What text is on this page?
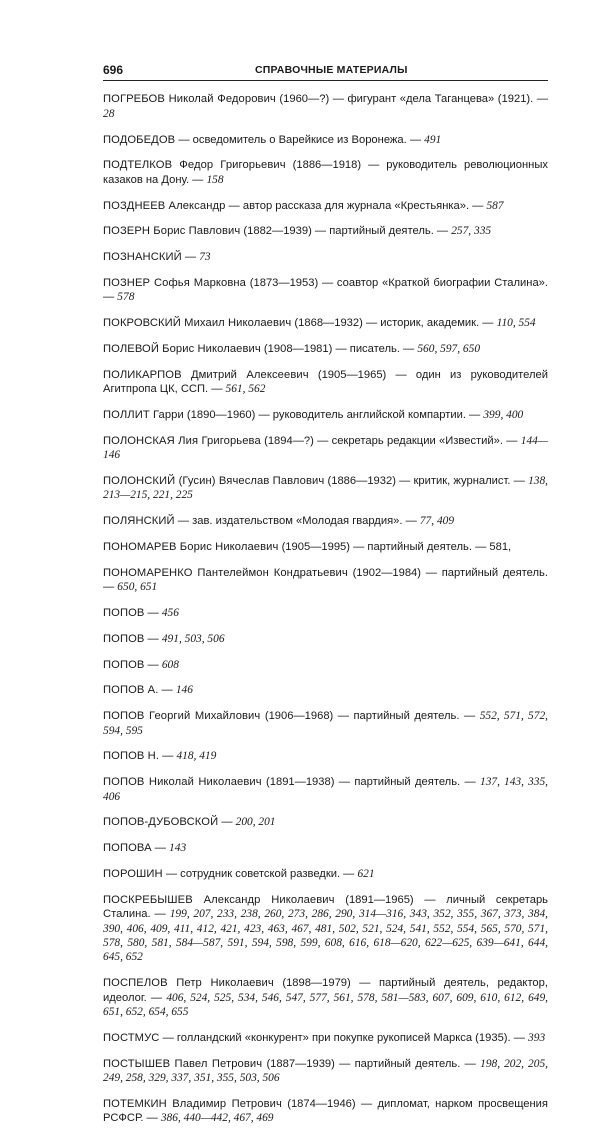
696	СПРАВОЧНЫЕ МАТЕРИАЛЫ

ПОГРЕБОВ Николай Федорович (1960—?) — фигурант «дела Таганцева» (1921). — 28

ПОДОБЕДОВ — осведомитель о Варейкисе из Воронежа. — 491

ПОДТЕЛКОВ Федор Григорьевич (1886—1918) — руководитель революционных казаков на Дону. — 158

ПОЗДНЕЕВ Александр — автор рассказа для журнала «Крестьянка». — 587

ПОЗЕРН Борис Павлович (1882—1939) — партийный деятель. — 257, 335

ПОЗНАНСКИЙ — 73

ПОЗНЕР Софья Марковна (1873—1953) — соавтор «Краткой биографии Сталина». — 578

ПОКРОВСКИЙ Михаил Николаевич (1868—1932) — историк, академик. — 110, 554

ПОЛЕВОЙ Борис Николаевич (1908—1981) — писатель. — 560, 597, 650

ПОЛИКАРПОВ Дмитрий Алексеевич (1905—1965) — один из руководителей Агитпропа ЦК, ССП. — 561, 562

ПОЛЛИТ Гарри (1890—1960) — руководитель английской компартии. — 399, 400

ПОЛОНСКАЯ Лия Григорьева (1894—?) — секретарь редакции «Известий». — 144—146

ПОЛОНСКИЙ (Гусин) Вячеслав Павлович (1886—1932) — критик, журналист. — 138, 213—215, 221, 225

ПОЛЯНСКИЙ — зав. издательством «Молодая гвардия». — 77, 409

ПОНОМАРЕВ Борис Николаевич (1905—1995) — партийный деятель. — 581,

ПОНОМАРЕНКО Пантелеймон Кондратьевич (1902—1984) — партийный деятель. — 650, 651

ПОПОВ — 456

ПОПОВ — 491, 503, 506

ПОПОВ — 608

ПОПОВ А. — 146

ПОПОВ Георгий Михайлович (1906—1968) — партийный деятель. — 552, 571, 572, 594, 595

ПОПОВ Н. — 418, 419

ПОПОВ Николай Николаевич (1891—1938) — партийный деятель. — 137, 143, 335, 406

ПОПОВ-ДУБОВСКОЙ — 200, 201

ПОПОВА — 143

ПОРОШИН — сотрудник советской разведки. — 621

ПОСКРЕБЫШЕВ Александр Николаевич (1891—1965) — личный секретарь Сталина. — 199, 207, 233, 238, 260, 273, 286, 290, 314—316, 343, 352, 355, 367, 373, 384, 390, 406, 409, 411, 412, 421, 423, 463, 467, 481, 502, 521, 524, 541, 552, 554, 565, 570, 571, 578, 580, 581, 584—587, 591, 594, 598, 599, 608, 616, 618—620, 622—625, 639—641, 644, 645, 652

ПОСПЕЛОВ Петр Николаевич (1898—1979) — партийный деятель, редактор, идеолог. — 406, 524, 525, 534, 546, 547, 577, 561, 578, 581—583, 607, 609, 610, 612, 649, 651, 652, 654, 655

ПОСТМУС — голландский «конкурент» при покупке рукописей Маркса (1935). — 393

ПОСТЫШЕВ Павел Петрович (1887—1939) — партийный деятель. — 198, 202, 205, 249, 258, 329, 337, 351, 355, 503, 506

ПОТЕМКИН Владимир Петрович (1874—1946) — дипломат, нарком просвещения РСФСР. — 386, 440—442, 467, 469
